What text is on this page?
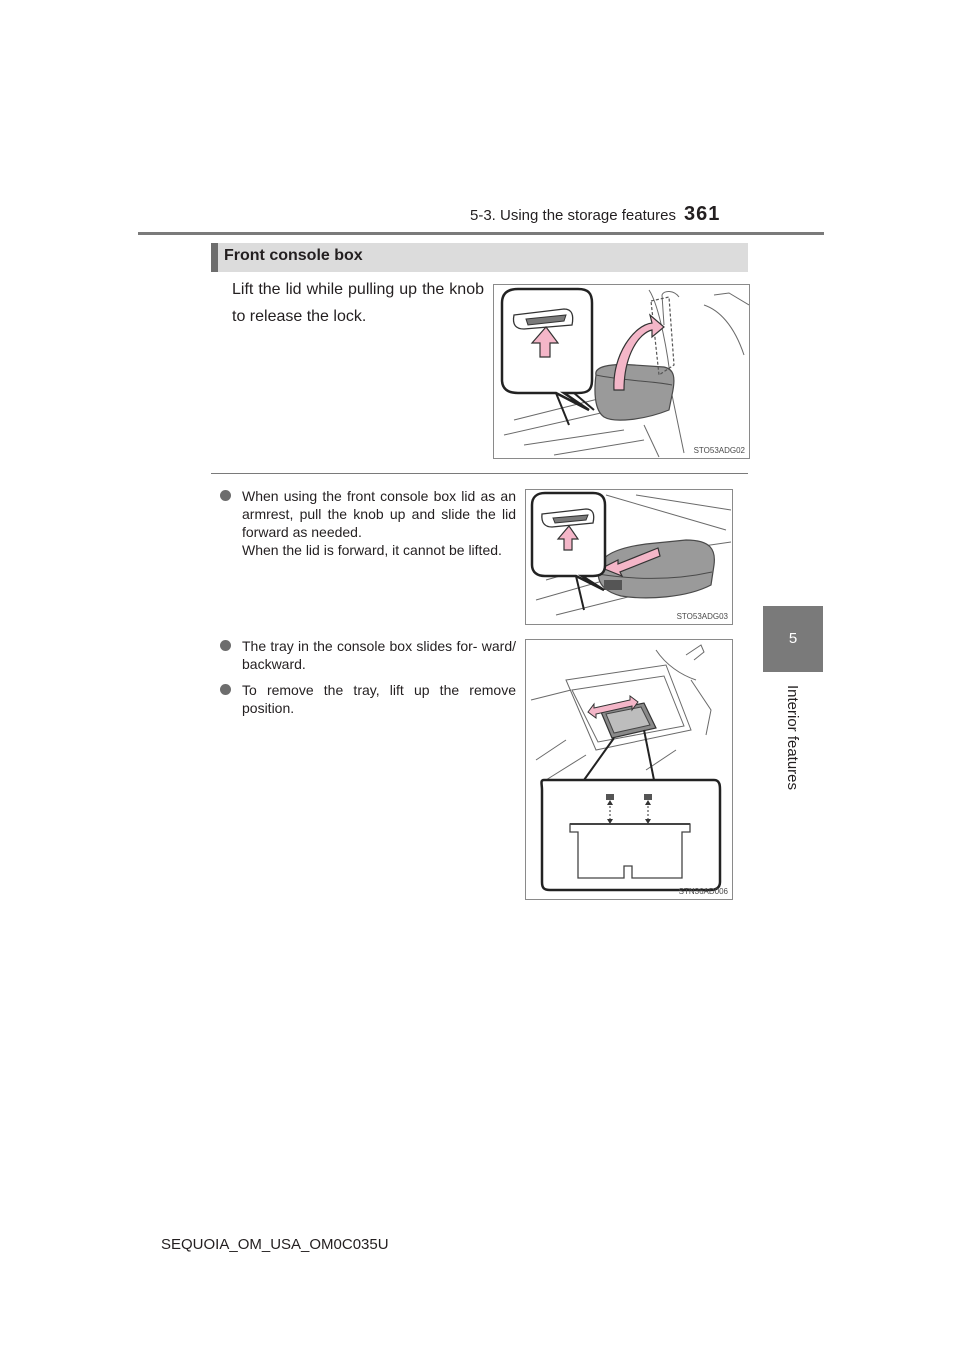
5-3. Using the storage features 361
5
Interior features
Front console box
Lift the lid while pulling up the knob to release the lock.
STO53ADG02
When using the front console box lid as an armrest, pull the knob up and slide the lid forward as needed.
When the lid is forward, it cannot be lifted.
STO53ADG03
The tray in the console box slides for- ward/ backward.
To remove the tray, lift up the remove position.
STN36AD006
SEQUOIA_OM_USA_OM0C035U
